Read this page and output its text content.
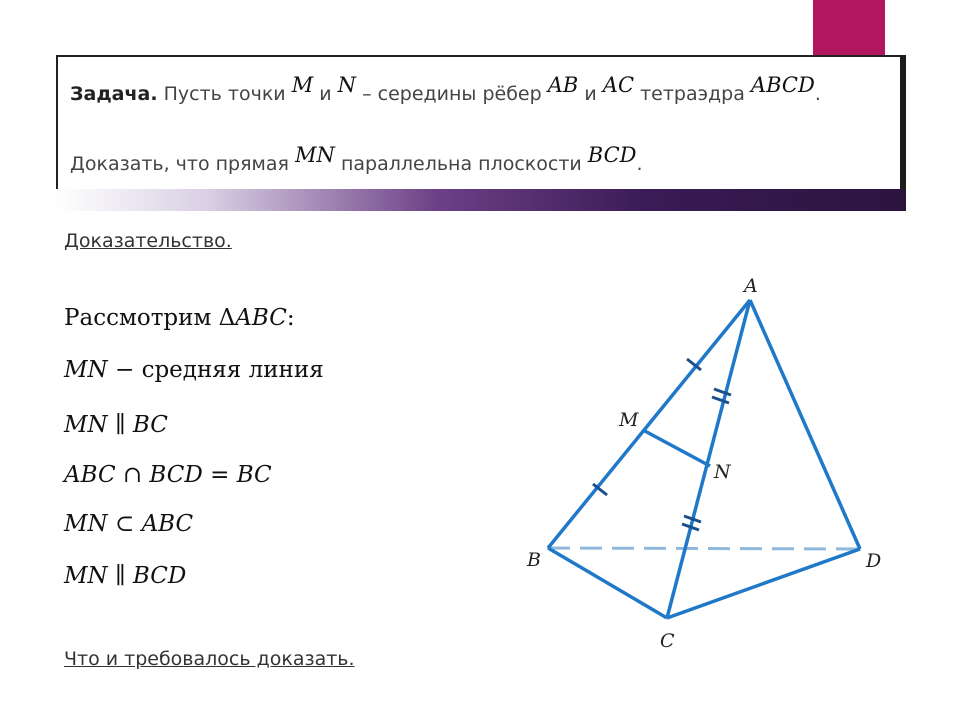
Задача. Пусть точки M и N – середины рёбер AB и AC тетраэдра ABCD.
Доказать, что прямая MN параллельна плоскости BCD.
Доказательство.
Рассмотрим ΔABC:
MN − средняя линия
MN ∥ BC
ABC ∩ BCD = BC
MN ⊂ ABC
MN ∥ BCD
Что и требовалось доказать.
A
B
C
D
M
N
